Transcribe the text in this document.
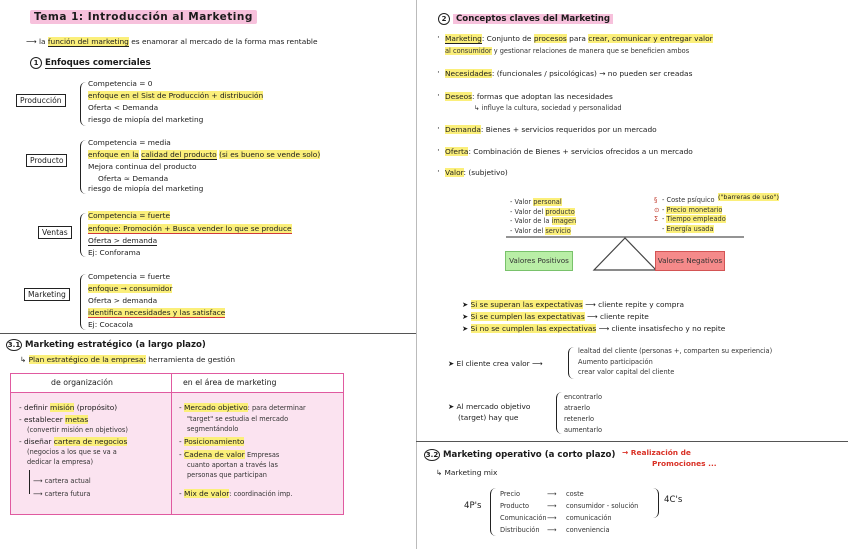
Tema 1: Introducción al Marketing
⟶ la función del marketing es enamorar al mercado de la forma mas rentable
1 Enfoques comerciales
Producción
Competencia = 0
enfoque en el Sist de Producción + distribución
Oferta < Demanda
riesgo de miopía del marketing
Producto
Competencia = media
enfoque en la calidad del producto (si es bueno se vende solo)
Mejora continua del producto
Oferta ≈ Demanda
riesgo de miopía del marketing
Ventas
Competencia = fuerte
enfoque: Promoción + Busca vender lo que se produce
Oferta > demanda
Ej: Conforama
Marketing
Competencia = fuerte
enfoque → consumidor
Oferta > demanda
identifica necesidades y las satisface
Ej: Cocacola
3.1 Marketing estratégico (a largo plazo)
↳ Plan estratégico de la empresa: herramienta de gestión
de organización	en el área de marketing
- definir misión (propósito)
- establecer metas
(convertir misión en objetivos)
- diseñar cartera de negocios
(negocios a los que se va a
dedicar la empresa)
⟶ cartera actual
⟶ cartera futura
- Mercado objetivo: para determinar
"target" se estudia el mercado
segmentándolo
- Posicionamiento
- Cadena de valor Empresas
cuanto aportan a través las
personas que participan
- Mix de valor: coordinación imp.
2 Conceptos claves del Marketing
· Marketing: Conjunto de procesos para crear, comunicar y entregar valor
al consumidor y gestionar relaciones de manera que se beneficien ambos
· Necesidades: (funcionales / psicológicas) → no pueden ser creadas
· Deseos: formas que adoptan las necesidades
↳ influye la cultura, sociedad y personalidad
· Demanda: Bienes + servicios requeridos por un mercado
· Oferta: Combinación de Bienes + servicios ofrecidos a un mercado
· Valor: (subjetivo)
- Valor personal
- Valor del producto
- Valor de la imagen
- Valor del servicio
§
⊙
Σ
- Coste psíquico
- Precio monetario
- Tiempo empleado
- Energía usada
("barreras de uso")
Valores Positivos	Valores Negativos
➤ Si se superan las expectativas ⟶ cliente repite y compra
➤ Si se cumplen las expectativas ⟶ cliente repite
➤ Si no se cumplen las expectativas ⟶ cliente insatisfecho y no repite
➤ El cliente crea valor ⟶
lealtad del cliente (personas +, comparten su experiencia)
Aumento participación
crear valor capital del cliente
➤ Al mercado objetivo
(target) hay que
encontrarlo
atraerlo
retenerlo
aumentarlo
3.2 Marketing operativo (a corto plazo) → Realización de
Promociones ...
↳ Marketing mix
4P's
Precio
Producto
Comunicación
Distribución
⟶
⟶
⟶
⟶
coste
consumidor - solución
comunicación
conveniencia
4C's
